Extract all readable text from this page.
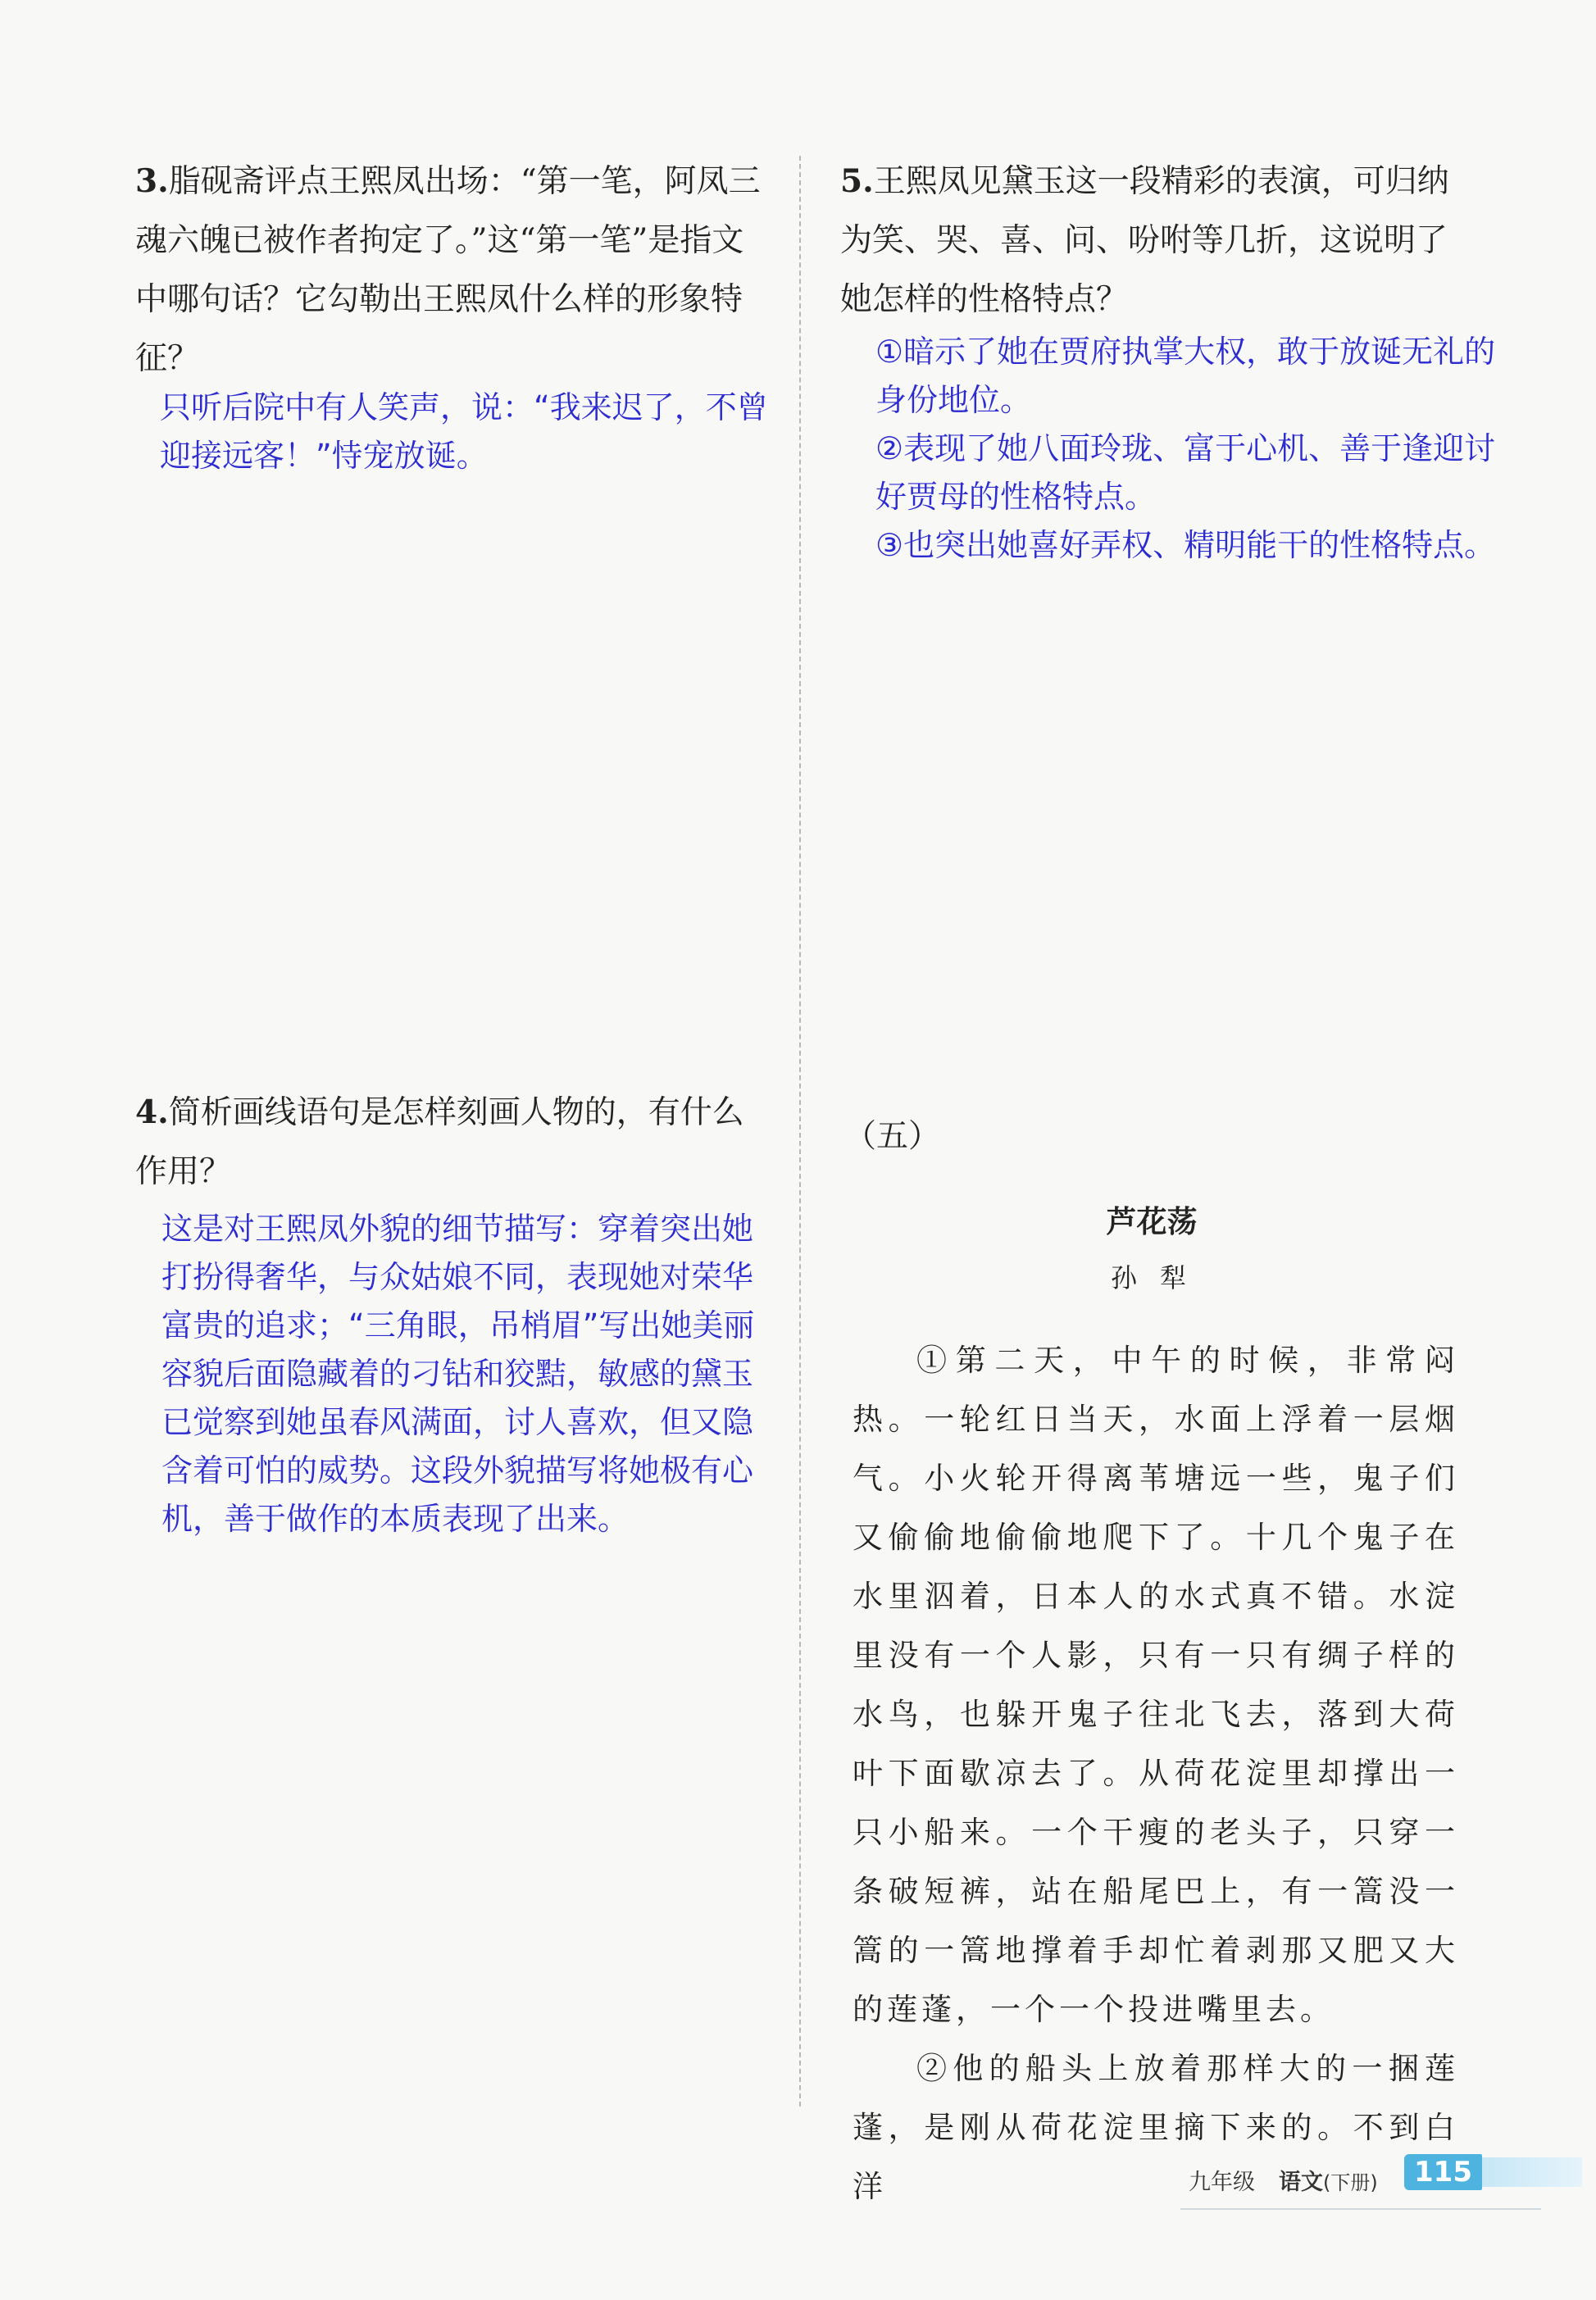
3.脂砚斋评点王熙凤出场：“第一笔，阿凤三魂六魄已被作者拘定了。”这“第一笔”是指文中哪句话？它勾勒出王熙凤什么样的形象特征？
只听后院中有人笑声，说：“我来迟了，不曾迎接远客！”恃宠放诞。
4.简析画线语句是怎样刻画人物的，有什么作用？
这是对王熙凤外貌的细节描写：穿着突出她打扮得奢华，与众姑娘不同，表现她对荣华富贵的追求；“三角眼，吊梢眉”写出她美丽容貌后面隐藏着的刁钻和狡黠，敏感的黛玉已觉察到她虽春风满面，讨人喜欢，但又隐含着可怕的威势。这段外貌描写将她极有心机，善于做作的本质表现了出来。
5.王熙凤见黛玉这一段精彩的表演，可归纳为笑、哭、喜、问、吩咐等几折，这说明了她怎样的性格特点？
①暗示了她在贾府执掌大权，敢于放诞无礼的身份地位。
②表现了她八面玲珑、富于心机、善于逢迎讨好贾母的性格特点。
③也突出她喜好弄权、精明能干的性格特点。
（五）
芦花荡
孙犁

①第二天，中午的时候，非常闷热。一轮红日当天，水面上浮着一层烟气。小火轮开得离苇塘远一些，鬼子们又偷偷地偷偷地爬下了。十几个鬼子在水里泅着，日本人的水式真不错。水淀里没有一个人影，只有一只有绸子样的水鸟，也躲开鬼子往北飞去，落到大荷叶下面歇凉去了。从荷花淀里却撑出一只小船来。一个干瘦的老头子，只穿一条破短裤，站在船尾巴上，有一篙没一篙的一篙地撑着手却忙着剥那又肥又大的莲蓬，一个一个投进嘴里去。

②他的船头上放着那样大的一捆莲蓬，是刚从荷花淀里摘下来的。不到白洋	九年级 语文(下册)	115
